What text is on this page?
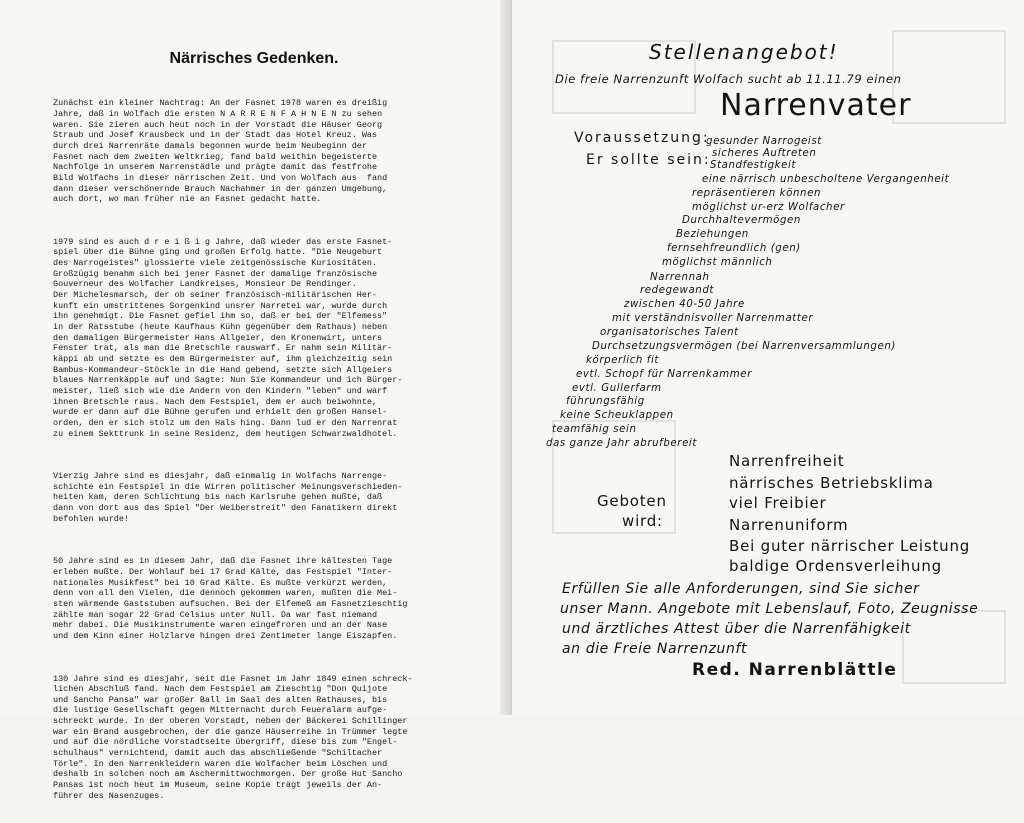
Närrisches Gedenken.

Zunächst ein kleiner Nachtrag: An der Fasnet 1978 waren es dreißig
Jahre, daß in Wolfach die ersten N A R R E N F A H N E N zu sehen
waren. Sie zieren auch heut noch in der Vorstadt die Häuser Georg
Straub und Josef Krausbeck und in der Stadt das Hotel Kreuz. Was
durch drei Narrenräte damals begonnen wurde beim Neubeginn der
Fasnet nach dem zweiten Weltkrieg, fand bald weithin begeisterte
Nachfolge in unserem Narrenstädle und prägte damit das festfrohe
Bild Wolfachs in dieser närrischen Zeit. Und von Wolfach aus  fand
dann dieser verschönernde Brauch Nachahmer in der ganzen Umgebung,
auch dort, wo man früher nie an Fasnet gedacht hatte.

1979 sind es auch d r e i ß i g Jahre, daß wieder das erste Fasnet-
spiel über die Bühne ging und großen Erfolg hatte. "Die Neugeburt
des Narrogeistes" glossierte viele zeitgenössische Kuriositäten.
Großzügig benahm sich bei jener Fasnet der damalige französische
Gouverneur des Wolfacher Landkreises, Monsieur De Rendinger.
Der Michelesmarsch, der ob seiner französisch-militärischen Her-
kunft ein umstrittenes Sorgenkind unsrer Narretei war, wurde durch
ihn genehmigt. Die Fasnet gefiel ihm so, daß er bei der "Elfemess"
in der Ratsstube (heute Kaufhaus Kühn gegenüber dem Rathaus) neben
den damaligen Bürgermeister Hans Allgeier, den Kronenwirt, unters
Fenster trat, als man die Bretschle rauswarf. Er nahm sein Militär-
käppi ab und setzte es dem Bürgermeister auf, ihm gleichzeitig sein
Bambus-Kommandeur-Stöckle in die Hand gebend, setzte sich Allgeiers
blaues Narrenkäpple auf und Sagte: Nun Sie Kommandeur und ich Bürger-
meister, ließ sich wie die Andern von den Kindern "leben" und warf
ihnen Bretschle raus. Nach dem Festspiel, dem er auch beiwohnte,
wurde er dann auf die Bühne gerufen und erhielt den großen Hansel-
orden, den er sich stolz um den Hals hing. Dann lud er den Narrenrat
zu einem Sekttrunk in seine Residenz, dem heutigen Schwarzwaldhotel.

Vierzig Jahre sind es diesjahr, daß einmalig in Wolfachs Narrenge-
schichte ein Festspiel in die Wirren politischer Meinungsverschieden-
heiten kam, deren Schlichtung bis nach Karlsruhe gehen mußte, daß
dann von dort aus das Spiel "Der Weiberstreit" den Fanatikern direkt
befohlen wurde!

50 Jahre sind es in diesem Jahr, daß die Fasnet ihre kältesten Tage
erleben mußte. Der Wohlauf bei 17 Grad Kälte, das Festspiel "Inter-
nationales Musikfest" bei 10 Grad Kälte. Es mußte verkürzt werden,
denn von all den Vielen, die dennoch gekommen waren, mußten die Mei-
sten wärmende Gaststuben aufsuchen. Bei der Elfemeß am Fasnetzieschtig
zählte man sogar 22 Grad Celsius unter Null. Da war fast niemand
mehr dabei. Die Musikinstrumente waren eingefroren und an der Nase
und dem Kinn einer Holzlarve hingen drei Zentimeter lange Eiszapfen.

130 Jahre sind es diesjahr, seit die Fasnet im Jahr 1849 einen schreck-
lichen Abschluß fand. Nach dem Festspiel am Zieschtig "Don Quijote
und Sancho Pansa" war großer Ball im Saal des alten Rathauses, bis
die lustige Gesellschaft gegen Mitternacht durch Feueralarm aufge-
schreckt wurde. In der oberen Vorstadt, neben der Bäckerei Schillinger
war ein Brand ausgebrochen, der die ganze Häuserreihe in Trümmer legte
und auf die nördliche Vorstadtseite übergriff, diese bis zum "Engel-
schulhaus" vernichtend, damit auch das abschließende "Schiltacher
Törle". In den Narrenkleidern waren die Wolfacher beim Löschen und
deshalb in solchen noch am Aschermittwochmorgen. Der große Hut Sancho
Pansas ist noch heut im Museum, seine Kopie trägt jeweils der An-
führer des Nasenzuges.

Stellenangebot!
Die freie Narrenzunft Wolfach sucht ab 11.11.79 einen
Narrenvater
Voraussetzung:
Er sollte sein:
gesunder Narrogeist
sicheres Auftreten
Standfestigkeit
eine närrisch unbescholtene Vergangenheit
repräsentieren können
möglichst ur-erz Wolfacher
Durchhaltevermögen
Beziehungen
fernsehfreundlich (gen)
möglichst männlich
Narrennah
redegewandt
zwischen 40-50 Jahre
mit verständnisvoller Narrenmatter
organisatorisches Talent
Durchsetzungsvermögen (bei Narrenversammlungen)
körperlich fit
evtl. Schopf für Narrenkammer
evtl. Gullerfarm
führungsfähig
keine Scheuklappen
teamfähig sein
das ganze Jahr abrufbereit
Geboten
wird:
Narrenfreiheit
närrisches Betriebsklima
viel Freibier
Narrenuniform
Bei guter närrischer Leistung
baldige Ordensverleihung
Erfüllen Sie alle Anforderungen, sind Sie sicher
unser Mann. Angebote mit Lebenslauf, Foto, Zeugnisse
und ärztliches Attest über die Narrenfähigkeit
an die Freie Narrenzunft
Red. Narrenblättle
